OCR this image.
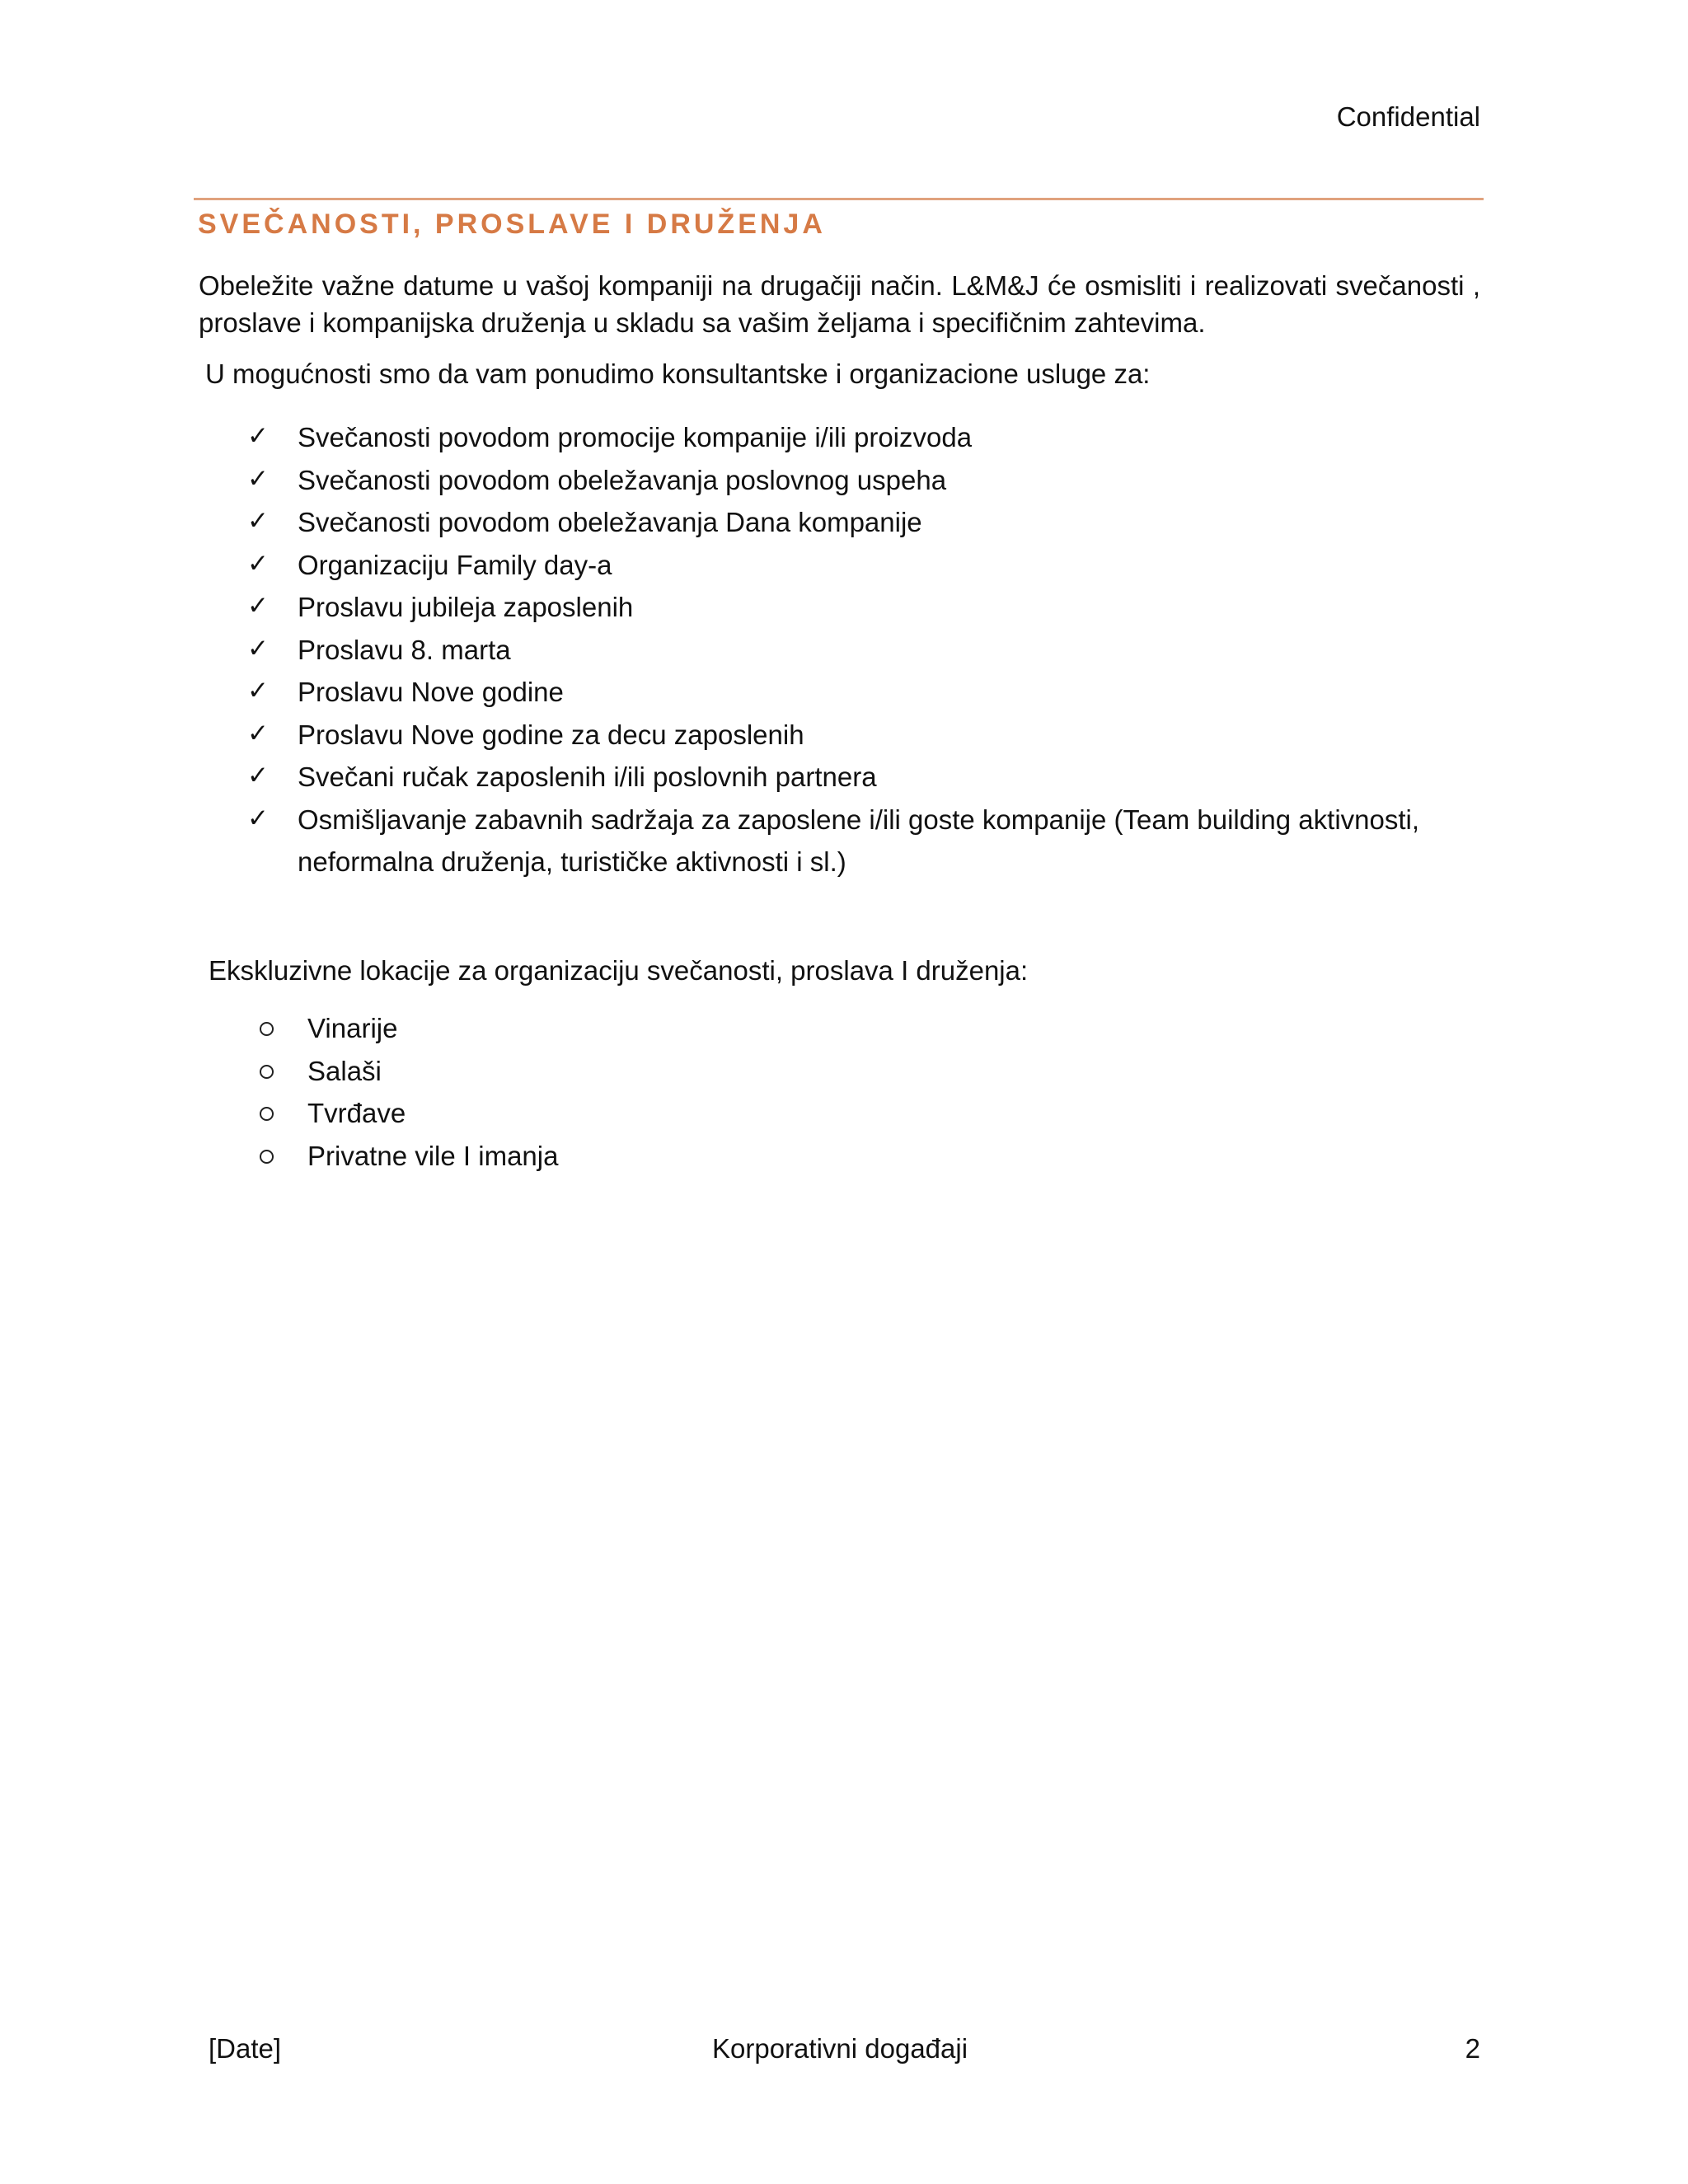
Confidential
SVEČANOSTI, PROSLAVE I DRUŽENJA
Obeležite važne datume u vašoj kompaniji na drugačiji način. L&M&J će osmisliti i realizovati svečanosti , proslave i kompanijska druženja u skladu sa vašim željama i specifičnim zahtevima.
U mogućnosti smo da vam ponudimo konsultantske i organizacione usluge za:
✓ Svečanosti povodom promocije kompanije i/ili proizvoda
✓ Svečanosti povodom obeležavanja poslovnog uspeha
✓ Svečanosti povodom obeležavanja Dana kompanije
✓ Organizaciju Family day-a
✓ Proslavu jubileja zaposlenih
✓ Proslavu 8. marta
✓ Proslavu Nove godine
✓ Proslavu Nove godine za decu zaposlenih
✓ Svečani ručak zaposlenih i/ili poslovnih partnera
✓ Osmišljavanje zabavnih sadržaja za zaposlene i/ili goste kompanije (Team building aktivnosti, neformalna druženja, turističke aktivnosti i sl.)
Ekskluzivne lokacije za organizaciju svečanosti, proslava I druženja:
Vinarije
Salaši
Tvrđave
Privatne vile I imanja
[Date]	Korporativni događaji	2
